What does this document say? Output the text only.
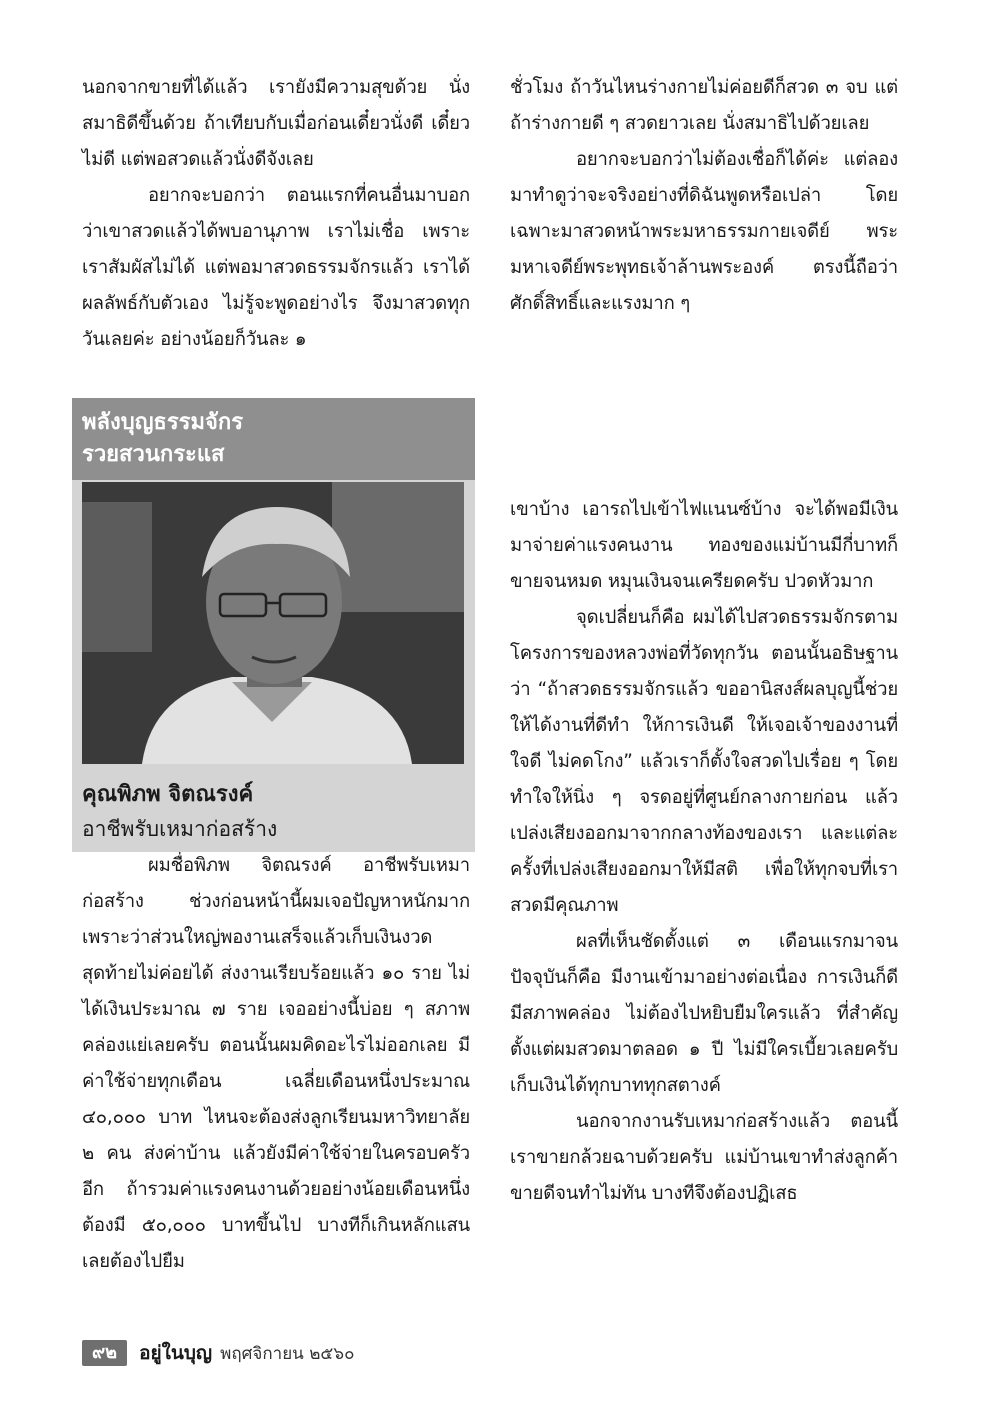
นอกจากขายที่ได้แล้ว เรายังมีความสุขด้วย นั่งสมาธิดีขึ้นด้วย ถ้าเทียบกับเมื่อก่อนเดี๋ยวนั่งดี เดี๋ยวไม่ดี แต่พอสวดแล้วนั่งดีจังเลย

อยากจะบอกว่า ตอนแรกที่คนอื่นมาบอกว่าเขาสวดแล้วได้พบอานุภาพ เราไม่เชื่อ เพราะเราสัมผัสไม่ได้ แต่พอมาสวดธรรมจักรแล้ว เราได้ผลลัพธ์กับตัวเอง ไม่รู้จะพูดอย่างไร จึงมาสวดทุกวันเลยค่ะ อย่างน้อยก็วันละ ๑

ชั่วโมง ถ้าวันไหนร่างกายไม่ค่อยดีก็สวด ๓ จบ แต่ถ้าร่างกายดี ๆ สวดยาวเลย นั่งสมาธิไปด้วยเลย

อยากจะบอกว่าไม่ต้องเชื่อก็ได้ค่ะ แต่ลองมาทำดูว่าจะจริงอย่างที่ดิฉันพูดหรือเปล่า โดยเฉพาะมาสวดหน้าพระมหาธรรมกายเจดีย์ พระมหาเจดีย์พระพุทธเจ้าล้านพระองค์ ตรงนี้ถือว่าศักดิ์สิทธิ์และแรงมาก ๆ

พลังบุญธรรมจักร
รวยสวนกระแส
คุณพิภพ จิตณรงค์
อาชีพรับเหมาก่อสร้าง

ผมชื่อพิภพ จิตณรงค์ อาชีพรับเหมาก่อสร้าง ช่วงก่อนหน้านี้ผมเจอปัญหาหนักมาก เพราะว่าส่วนใหญ่พองานเสร็จแล้วเก็บเงินงวดสุดท้ายไม่ค่อยได้ ส่งงานเรียบร้อยแล้ว ๑๐ ราย ไม่ได้เงินประมาณ ๗ ราย เจออย่างนี้บ่อย ๆ สภาพคล่องแย่เลยครับ ตอนนั้นผมคิดอะไรไม่ออกเลย มีค่าใช้จ่ายทุกเดือน เฉลี่ยเดือนหนึ่งประมาณ ๔๐,๐๐๐ บาท ไหนจะต้องส่งลูกเรียนมหาวิทยาลัย ๒ คน ส่งค่าบ้าน แล้วยังมีค่าใช้จ่ายในครอบครัวอีก ถ้ารวมค่าแรงคนงานด้วยอย่างน้อยเดือนหนึ่งต้องมี ๕๐,๐๐๐ บาทขึ้นไป บางทีก็เกินหลักแสน เลยต้องไปยืม

เขาบ้าง เอารถไปเข้าไฟแนนซ์บ้าง จะได้พอมีเงินมาจ่ายค่าแรงคนงาน ทองของแม่บ้านมีกี่บาทก็ขายจนหมด หมุนเงินจนเครียดครับ ปวดหัวมาก

จุดเปลี่ยนก็คือ ผมได้ไปสวดธรรมจักรตามโครงการของหลวงพ่อที่วัดทุกวัน ตอนนั้นอธิษฐานว่า “ถ้าสวดธรรมจักรแล้ว ขออานิสงส์ผลบุญนี้ช่วยให้ได้งานที่ดีทำ ให้การเงินดี ให้เจอเจ้าของงานที่ใจดี ไม่คดโกง” แล้วเราก็ตั้งใจสวดไปเรื่อย ๆ โดยทำใจให้นิ่ง ๆ จรดอยู่ที่ศูนย์กลางกายก่อน แล้วเปล่งเสียงออกมาจากกลางท้องของเรา และแต่ละครั้งที่เปล่งเสียงออกมาให้มีสติ เพื่อให้ทุกจบที่เราสวดมีคุณภาพ

ผลที่เห็นชัดตั้งแต่ ๓ เดือนแรกมาจนปัจจุบันก็คือ มีงานเข้ามาอย่างต่อเนื่อง การเงินก็ดี มีสภาพคล่อง ไม่ต้องไปหยิบยืมใครแล้ว ที่สำคัญตั้งแต่ผมสวดมาตลอด ๑ ปี ไม่มีใครเบี้ยวเลยครับ เก็บเงินได้ทุกบาททุกสตางค์

นอกจากงานรับเหมาก่อสร้างแล้ว ตอนนี้เราขายกล้วยฉาบด้วยครับ แม่บ้านเขาทำส่งลูกค้า ขายดีจนทำไม่ทัน บางทีจึงต้องปฏิเสธ

๙๒	อยู่ในบุญ พฤศจิกายน ๒๕๖๐
